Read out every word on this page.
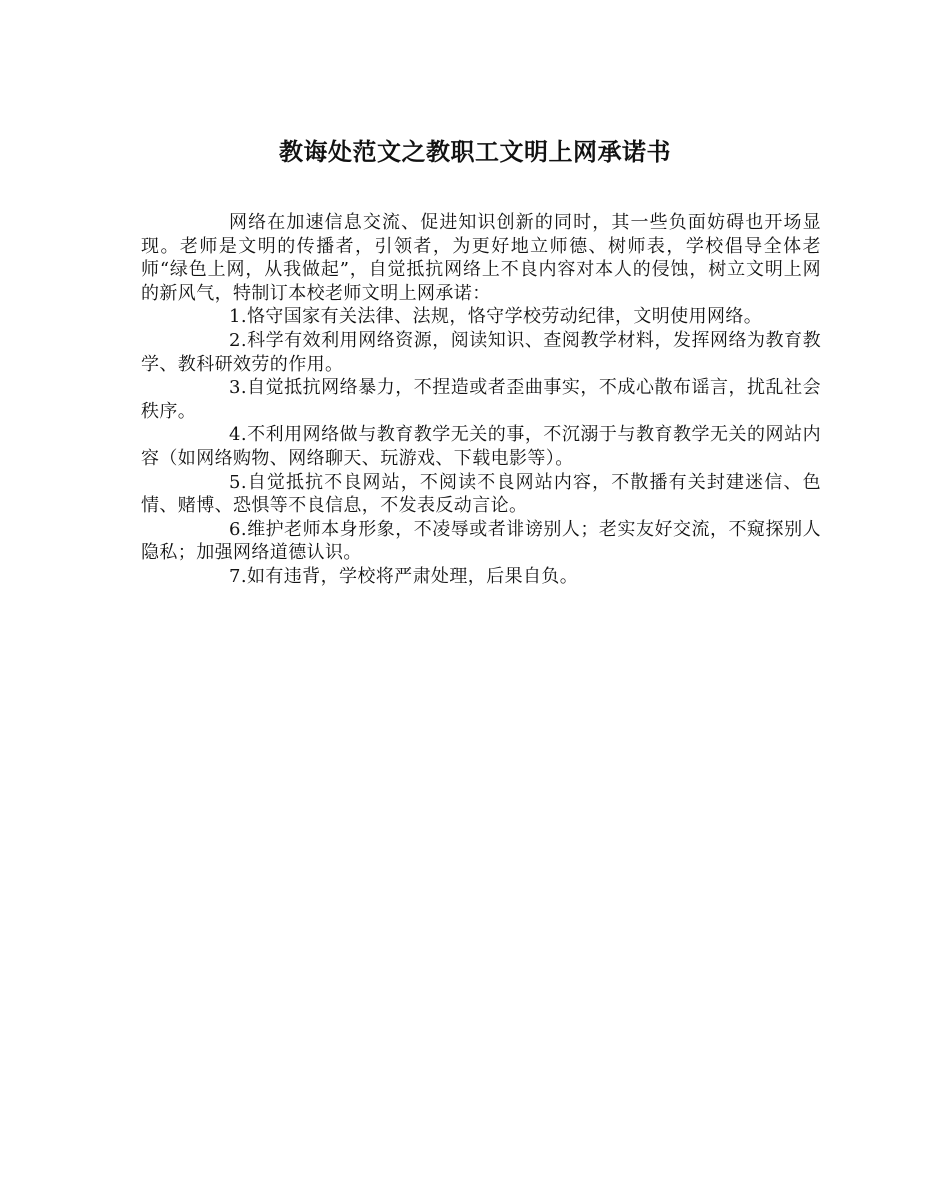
教诲处范文之教职工文明上网承诺书

网络在加速信息交流、促进知识创新的同时，其一些负面妨碍也开场显现。老师是文明的传播者，引领者，为更好地立师德、树师表，学校倡导全体老师“绿色上网，从我做起”，自觉抵抗网络上不良内容对本人的侵蚀，树立文明上网的新风气，特制订本校老师文明上网承诺：

1.恪守国家有关法律、法规，恪守学校劳动纪律，文明使用网络。

2.科学有效利用网络资源，阅读知识、查阅教学材料，发挥网络为教育教学、教科研效劳的作用。

3.自觉抵抗网络暴力，不捏造或者歪曲事实，不成心散布谣言，扰乱社会秩序。

4.不利用网络做与教育教学无关的事，不沉溺于与教育教学无关的网站内容（如网络购物、网络聊天、玩游戏、下载电影等）。

5.自觉抵抗不良网站，不阅读不良网站内容，不散播有关封建迷信、色情、赌博、恐惧等不良信息，不发表反动言论。

6.维护老师本身形象，不凌辱或者诽谤别人；老实友好交流，不窥探别人隐私；加强网络道德认识。

7.如有违背，学校将严肃处理，后果自负。
